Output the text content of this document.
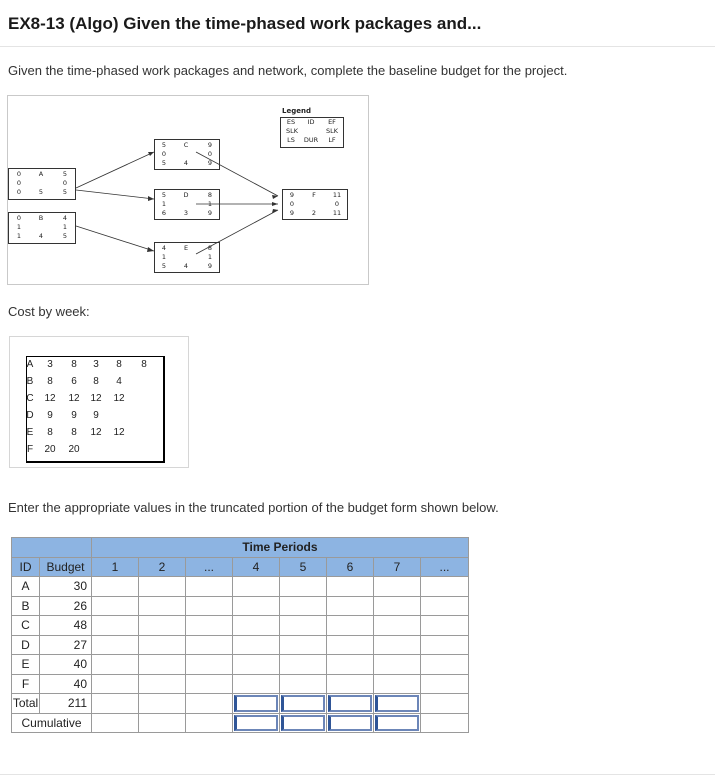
EX8-13 (Algo) Given the time-phased work packages and...
Given the time-phased work packages and network, complete the baseline budget for the project.
Legend
ES	ID	EF
SLK	SLK
LS	DUR	LF
0	A	5
0	0
0	5	5
0	B	4
1	1
1	4	5
5	C	9
0	0
5	4	9
5	D	8
1	1
6	3	9
4	E	8
1	1
5	4	9
9	F	11
0	0
9	2	11
Cost by week:
A	3	8	3	8	8
B	8	6	8	4
C 12 12 12 12
D	9	9	9
E	8	8	12 12
F 20 20
Enter the appropriate values in the truncated portion of the budget form shown below.
		Time Periods							
ID	Budget	1	2	...	4	5	6	7	...
A	30								
B	26								
C	48								
D	27								
E	40								
F	40								
Total	211				

Cumulative					
